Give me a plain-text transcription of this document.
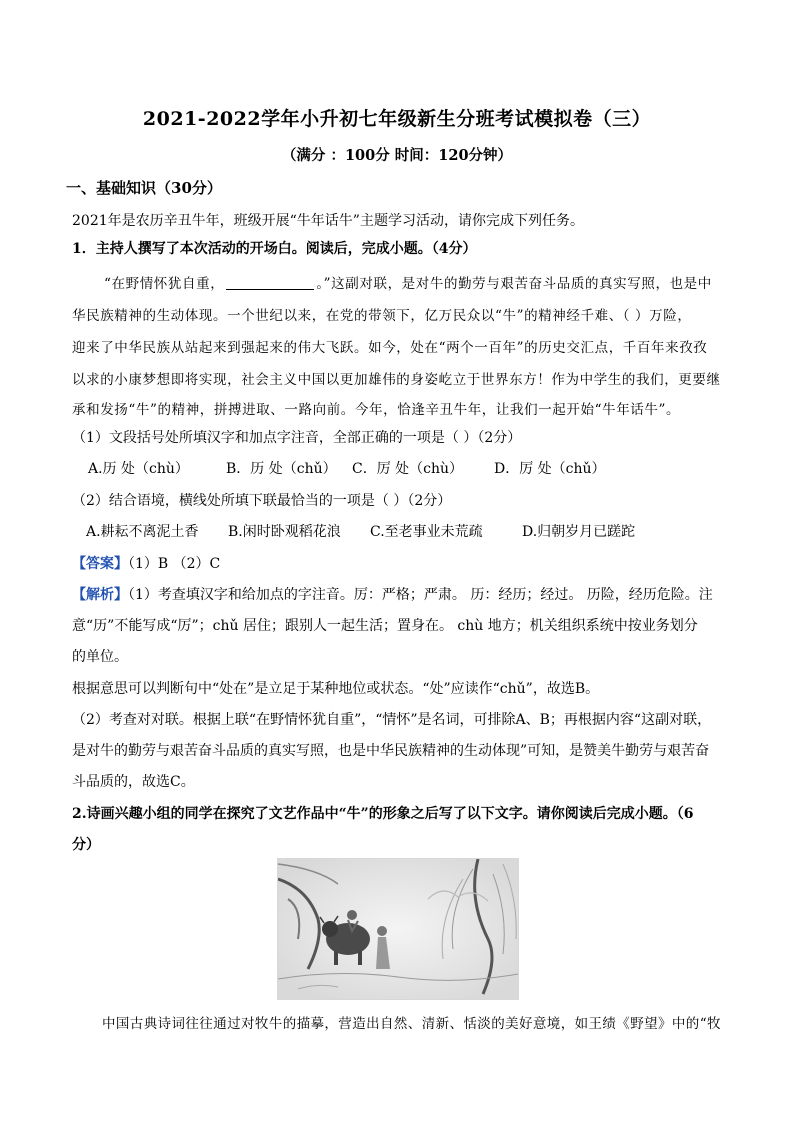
2021-2022学年小升初七年级新生分班考试模拟卷（三）
（满分 ：100分 时间：120分钟）
一、基础知识（30分）
2021年是农历辛丑牛年，班级开展“牛年话牛”主题学习活动，请你完成下列任务。
1．主持人撰写了本次活动的开场白。阅读后，完成小题。（4分）
“在野情怀犹自重，	。”这副对联，是对牛的勤劳与艰苦奋斗品质的真实写照，也是中
华民族精神的生动体现。一个世纪以来，在党的带领下，亿万民众以“牛”的精神经千难、（ ）万险，
迎来了中华民族从站起来到强起来的伟大飞跃。如今，处在“两个一百年”的历史交汇点，千百年来孜孜
以求的小康梦想即将实现，社会主义中国以更加雄伟的身姿屹立于世界东方！作为中学生的我们，更要继
承和发扬“牛”的精神，拼搏进取、一路向前。今年，恰逢辛丑牛年，让我们一起开始“牛年话牛”。
（1）文段括号处所填汉字和加点字注音，全部正确的一项是（ ）（2分）
A.历 处（chù）	B．历 处（chǔ） C．厉 处（chù） D．厉 处（chǔ）
（2）结合语境，横线处所填下联最恰当的一项是（ ）（2分）
A.耕耘不离泥土香 B.闲时卧观稻花浪 C.至老事业未荒疏	D.归朝岁月已蹉跎
【答案】（1）B （2）C
【解析】（1）考查填汉字和给加点的字注音。厉：严格；严肃。 历：经历；经过。 历险，经历危险。注
意“历”不能写成“厉”；chǔ 居住；跟别人一起生活；置身在。 chù 地方；机关组织系统中按业务划分
的单位。
根据意思可以判断句中“处在”是立足于某种地位或状态。“处”应读作“chǔ”，故选B。
（2）考查对对联。根据上联“在野情怀犹自重”，“情怀”是名词，可排除A、B；再根据内容“这副对联，
是对牛的勤劳与艰苦奋斗品质的真实写照，也是中华民族精神的生动体现”可知，是赞美牛勤劳与艰苦奋
斗品质的，故选C。
2.诗画兴趣小组的同学在探究了文艺作品中“牛”的形象之后写了以下文字。请你阅读后完成小题。（6
分）
中国古典诗词往往通过对牧牛的描摹，营造出自然、清新、恬淡的美好意境，如王绩《野望》中的“牧
